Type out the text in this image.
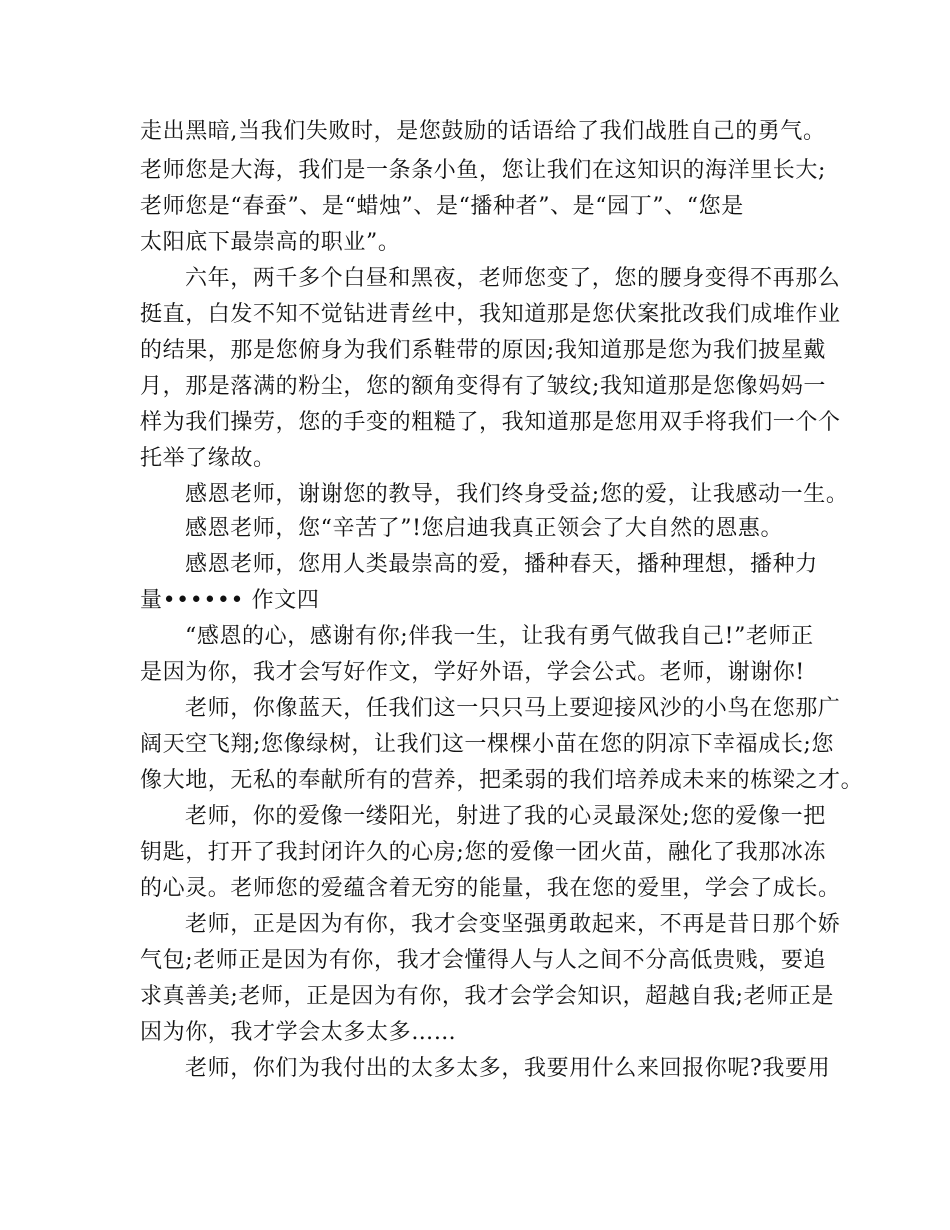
走出黑暗,当我们失败时，是您鼓励的话语给了我们战胜自己的勇气。
老师您是大海，我们是一条条小鱼，您让我们在这知识的海洋里长大;
老师您是“春蚕”、是“蜡烛”、是“播种者”、是“园丁”、“您是
太阳底下最崇高的职业”。
六年，两千多个白昼和黑夜，老师您变了，您的腰身变得不再那么
挺直，白发不知不觉钻进青丝中，我知道那是您伏案批改我们成堆作业
的结果，那是您俯身为我们系鞋带的原因;我知道那是您为我们披星戴
月，那是落满的粉尘，您的额角变得有了皱纹;我知道那是您像妈妈一
样为我们操劳，您的手变的粗糙了，我知道那是您用双手将我们一个个
托举了缘故。
感恩老师，谢谢您的教导，我们终身受益;您的爱，让我感动一生。
感恩老师，您“辛苦了”!您启迪我真正领会了大自然的恩惠。
感恩老师，您用人类最崇高的爱，播种春天，播种理想，播种力
量•••••• 作文四
“感恩的心，感谢有你;伴我一生，让我有勇气做我自己!”老师正
是因为你，我才会写好作文，学好外语，学会公式。老师，谢谢你!
老师，你像蓝天，任我们这一只只马上要迎接风沙的小鸟在您那广
阔天空飞翔;您像绿树，让我们这一棵棵小苗在您的阴凉下幸福成长;您
像大地，无私的奉献所有的营养，把柔弱的我们培养成未来的栋梁之才。
老师，你的爱像一缕阳光，射进了我的心灵最深处;您的爱像一把
钥匙，打开了我封闭许久的心房;您的爱像一团火苗，融化了我那冰冻
的心灵。老师您的爱蕴含着无穷的能量，我在您的爱里，学会了成长。
老师，正是因为有你，我才会变坚强勇敢起来，不再是昔日那个娇
气包;老师正是因为有你，我才会懂得人与人之间不分高低贵贱，要追
求真善美;老师，正是因为有你，我才会学会知识，超越自我;老师正是
因为你，我才学会太多太多……
老师，你们为我付出的太多太多，我要用什么来回报你呢?我要用
